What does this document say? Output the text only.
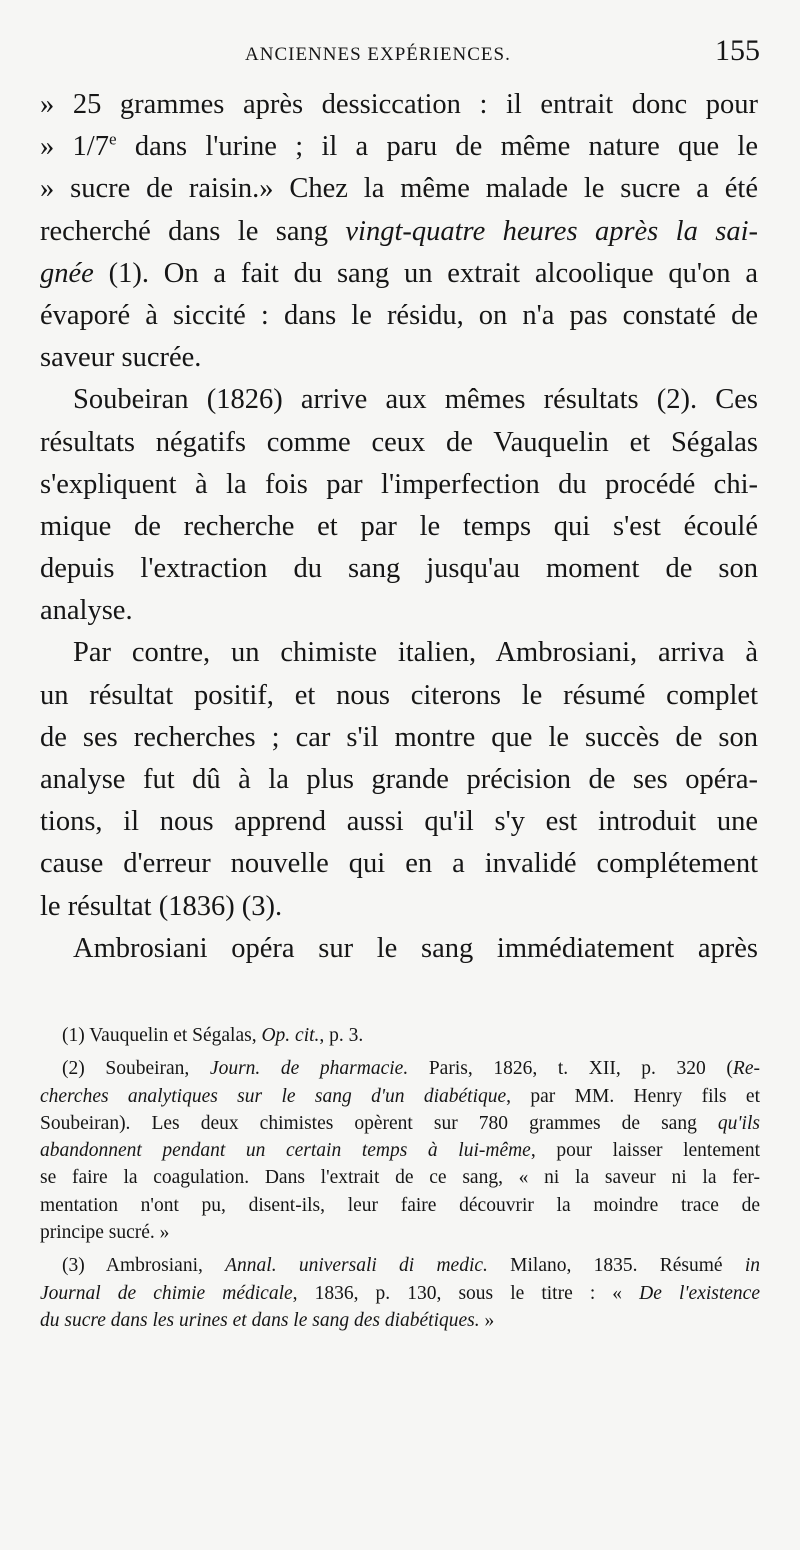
ANCIENNES EXPÉRIENCES.	155
» 25 grammes après dessiccation : il entrait donc pour
» 1/7e dans l'urine ; il a paru de même nature que le
» sucre de raisin.» Chez la même malade le sucre a été
recherché dans le sang vingt-quatre heures après la sai-
gnée (1). On a fait du sang un extrait alcoolique qu'on a
évaporé à siccité : dans le résidu, on n'a pas constaté de
saveur sucrée.
Soubeiran (1826) arrive aux mêmes résultats (2). Ces
résultats négatifs comme ceux de Vauquelin et Ségalas
s'expliquent à la fois par l'imperfection du procédé chi-
mique de recherche et par le temps qui s'est écoulé
depuis l'extraction du sang jusqu'au moment de son
analyse.
Par contre, un chimiste italien, Ambrosiani, arriva à
un résultat positif, et nous citerons le résumé complet
de ses recherches ; car s'il montre que le succès de son
analyse fut dû à la plus grande précision de ses opéra-
tions, il nous apprend aussi qu'il s'y est introduit une
cause d'erreur nouvelle qui en a invalidé complétement
le résultat (1836) (3).
Ambrosiani opéra sur le sang immédiatement après
(1) Vauquelin et Ségalas, Op. cit., p. 3.
(2) Soubeiran, Journ. de pharmacie. Paris, 1826, t. XII, p. 320 (Re-
cherches analytiques sur le sang d'un diabétique, par MM. Henry fils et
Soubeiran). Les deux chimistes opèrent sur 780 grammes de sang qu'ils
abandonnent pendant un certain temps à lui-même, pour laisser lentement
se faire la coagulation. Dans l'extrait de ce sang, « ni la saveur ni la fer-
mentation n'ont pu, disent-ils, leur faire découvrir la moindre trace de
principe sucré. »
(3) Ambrosiani, Annal. universali di medic. Milano, 1835. Résumé in
Journal de chimie médicale, 1836, p. 130, sous le titre : « De l'existence
du sucre dans les urines et dans le sang des diabétiques. »
